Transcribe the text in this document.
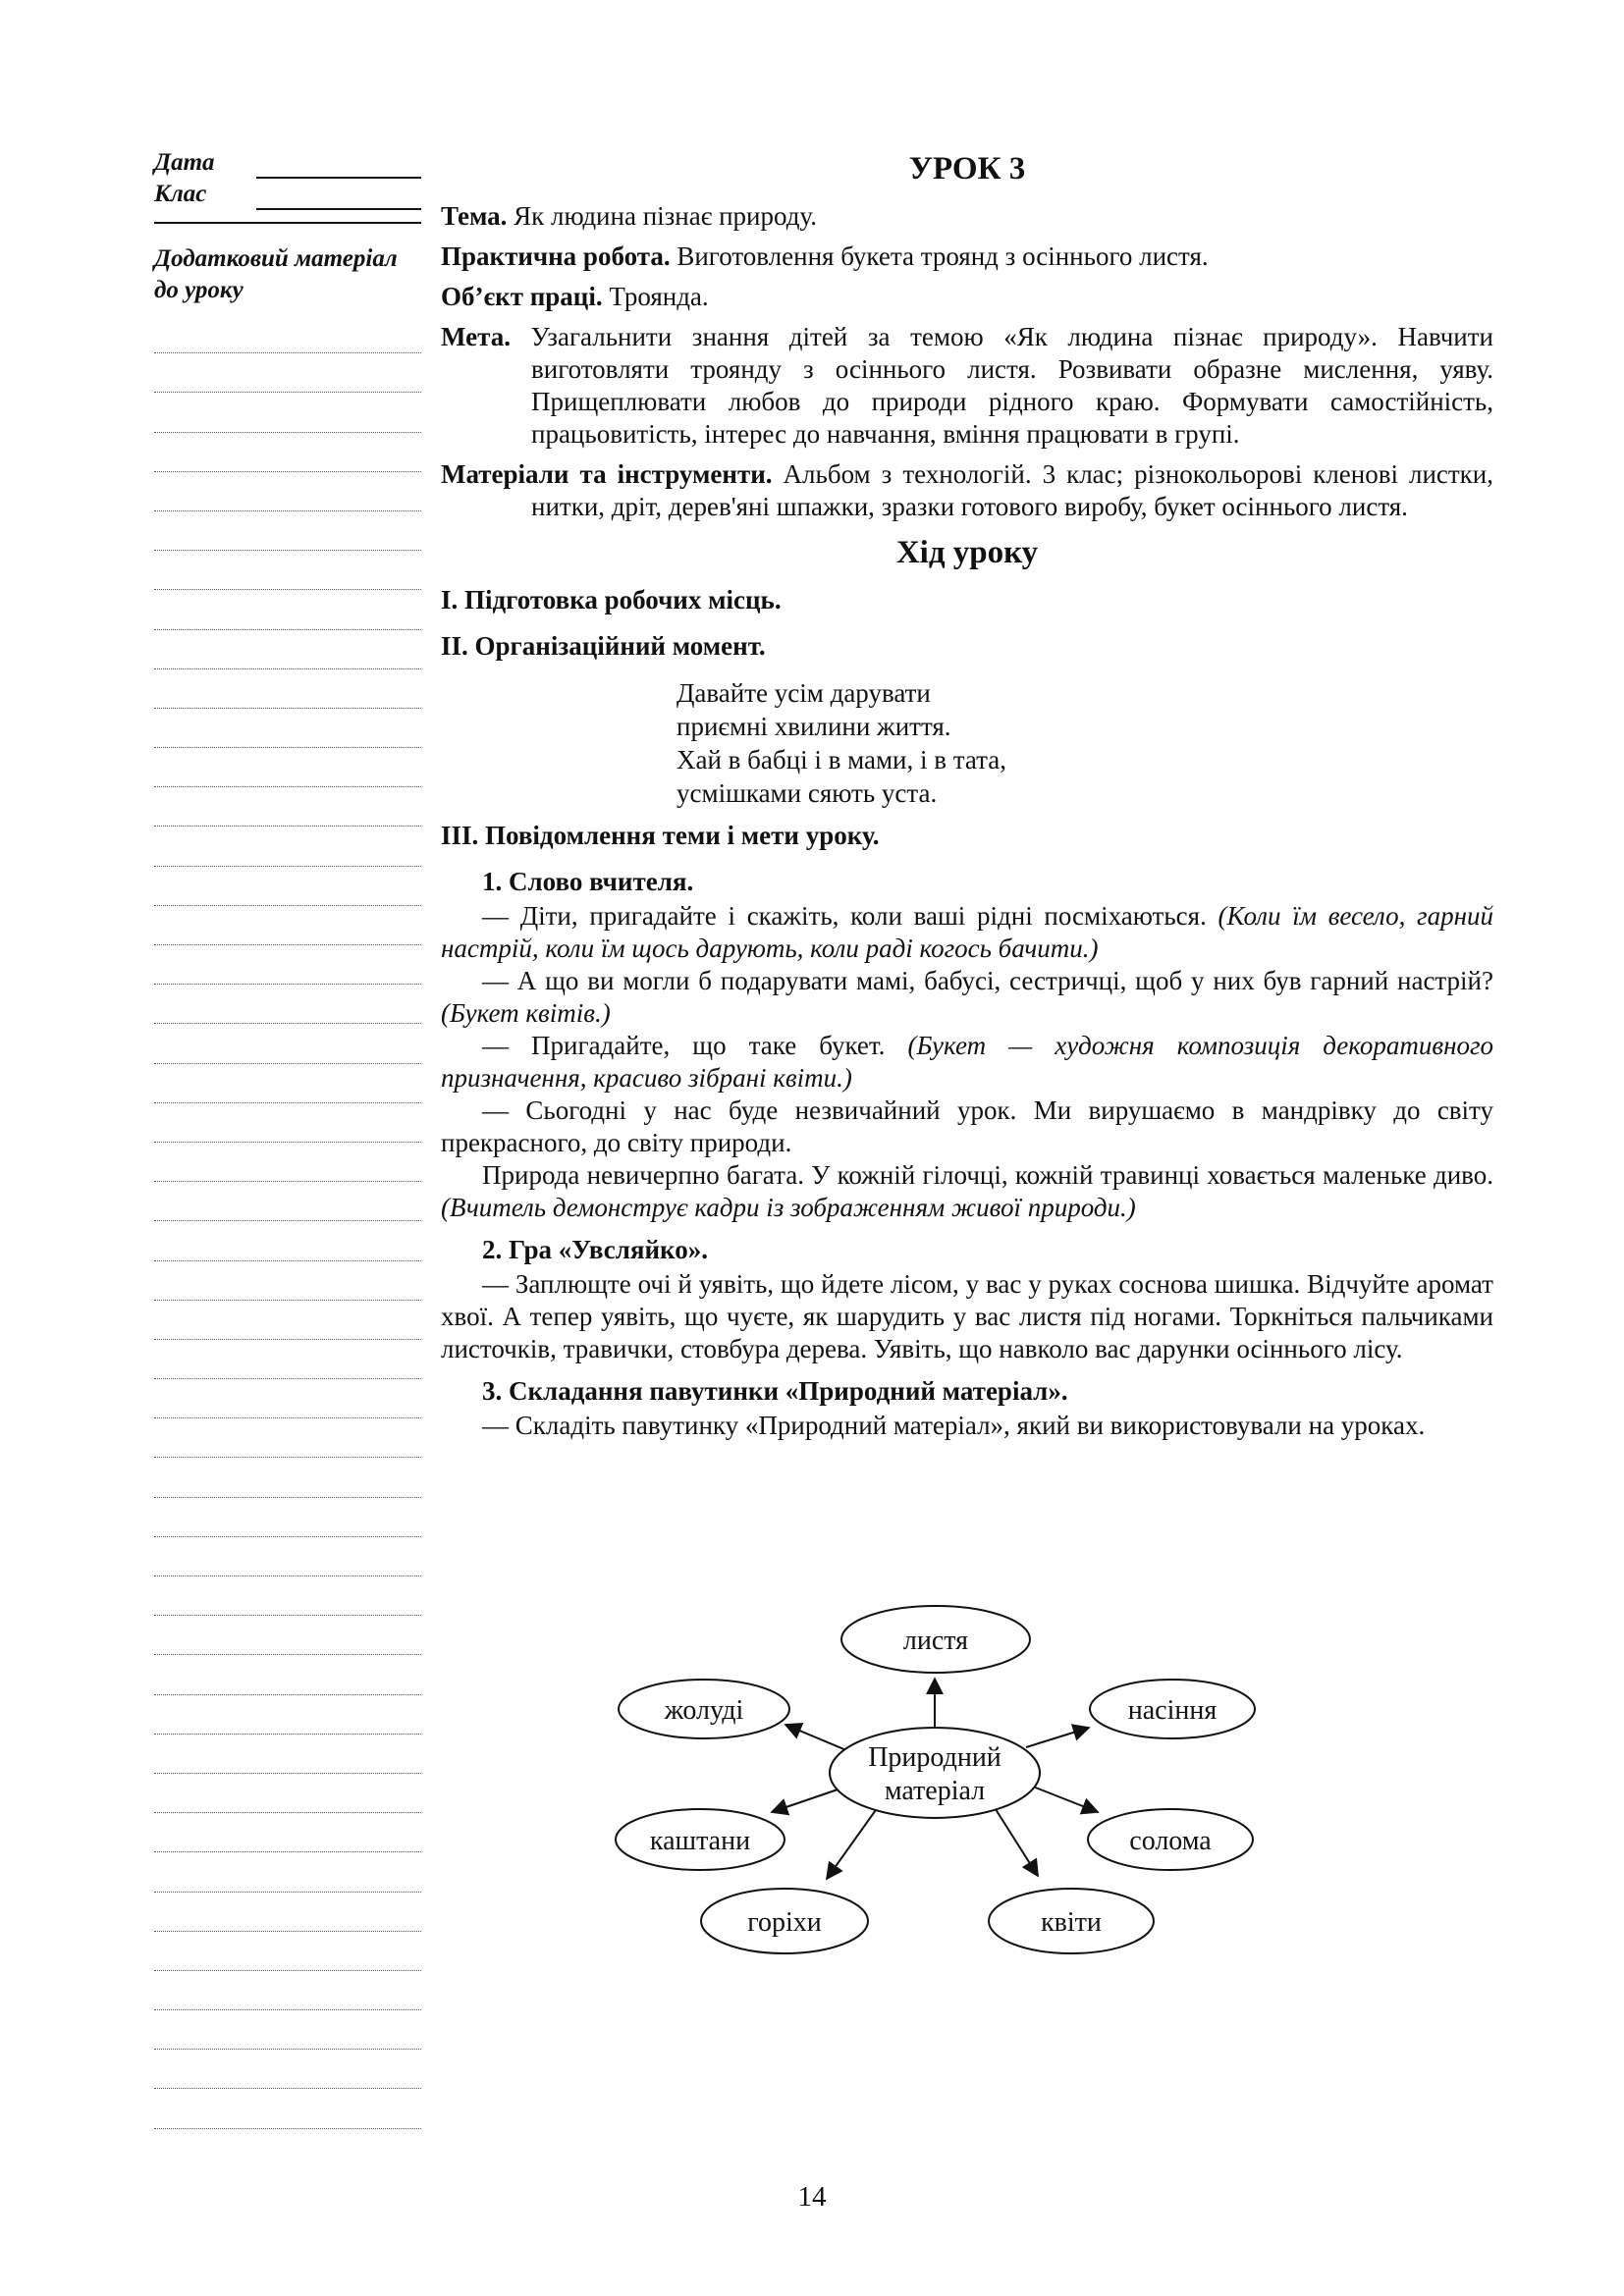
Дата
Клас
Додатковий матеріал до уроку
УРОК 3
Тема. Як людина пізнає природу.
Практична робота. Виготовлення букета троянд з осіннього листя.
Об’єкт праці. Троянда.
Мета. Узагальнити знання дітей за темою «Як людина пізнає природу». Навчити виготовляти троянду з осіннього листя. Розвивати образне мислення, уяву. Прищеплювати любов до природи рідного краю. Формувати самостійність, працьовитість, інтерес до навчання, вміння працювати в групі.
Матеріали та інструменти. Альбом з технологій. 3 клас; різнокольорові кленові листки, нитки, дріт, дерев'яні шпажки, зразки готового виробу, букет осіннього листя.
Хід уроку
I. Підготовка робочих місць.
II. Організаційний момент.
Давайте усім дарувати
приємні хвилини життя.
Хай в бабці і в мами, і в тата,
усмішками сяють уста.
III. Повідомлення теми і мети уроку.
1. Слово вчителя.

— Діти, пригадайте і скажіть, коли ваші рідні посміхаються. (Коли їм весело, гарний настрій, коли їм щось дарують, коли раді когось бачити.)

— А що ви могли б подарувати мамі, бабусі, сестричці, щоб у них був гарний настрій? (Букет квітів.)

— Пригадайте, що таке букет. (Букет — художня композиція декоративного призначення, красиво зібрані квіти.)

— Сьогодні у нас буде незвичайний урок. Ми вирушаємо в мандрівку до світу прекрасного, до світу природи.

Природа невичерпно багата. У кожній гілочці, кожній травинці ховається маленьке диво. (Вчитель демонструє кадри із зображенням живої природи.)

2. Гра «Увсляйко».

— Заплющте очі й уявіть, що йдете лісом, у вас у руках соснова шишка. Відчуйте аромат хвої. А тепер уявіть, що чуєте, як шарудить у вас листя під ногами. Торкніться пальчиками листочків, травички, стовбура дерева. Уявіть, що навколо вас дарунки осіннього лісу.

3. Складання павутинки «Природний матеріал».

— Складіть павутинку «Природний матеріал», який ви використовували на уроках.

Природний
матеріал
листя
жолуді	насіння
каштани	солома
горіхи	квіти
14
